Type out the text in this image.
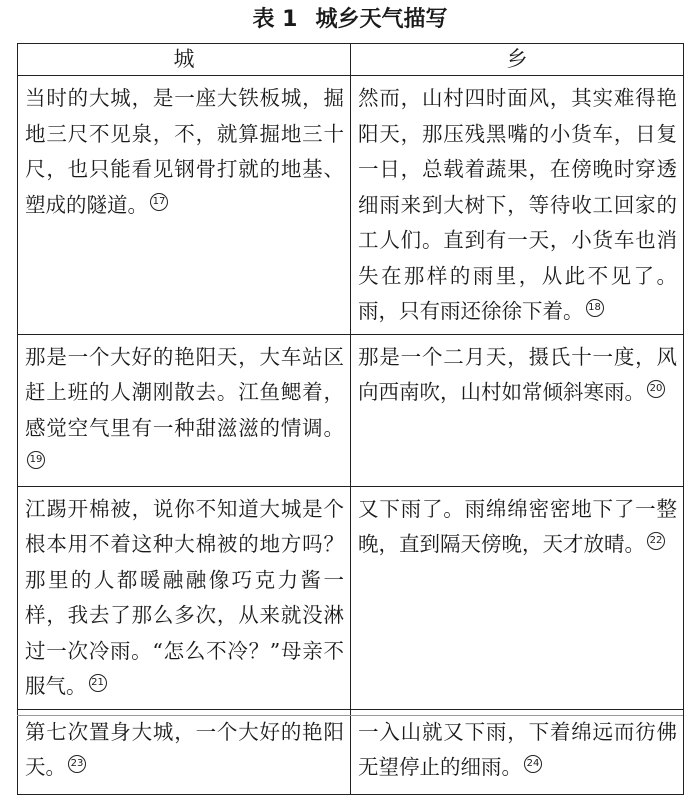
表 1 城乡天气描写
城	乡
当时的大城，是一座大铁板城，掘地三尺不见泉，不，就算掘地三十尺，也只能看见钢骨打就的地基、塑成的隧道。 17	然而，山村四时面风，其实难得艳阳天，那压残黑嘴的小货车，日复一日，总载着蔬果，在傍晚时穿透细雨来到大树下，等待收工回家的工人们。直到有一天，小货车也消失在那样的雨里，从此不见了。雨，只有雨还徐徐下着。 18
那是一个大好的艳阳天，大车站区赶上班的人潮刚散去。江鱼鳃着，感觉空气里有一种甜滋滋的情调。19	那是一个二月天，摄氏十一度，风向西南吹，山村如常倾斜寒雨。 20
江踢开棉被，说你不知道大城是个根本用不着这种大棉被的地方吗？那里的人都暖融融像巧克力酱一样，我去了那么多次，从来就没淋过一次冷雨。“怎么不冷？”母亲不服气。 21	又下雨了。雨绵绵密密地下了一整晚，直到隔天傍晚，天才放晴。 22
第七次置身大城，一个大好的艳阳天。 23	一入山就又下雨，下着绵远而彷佛无望停止的细雨。 24
